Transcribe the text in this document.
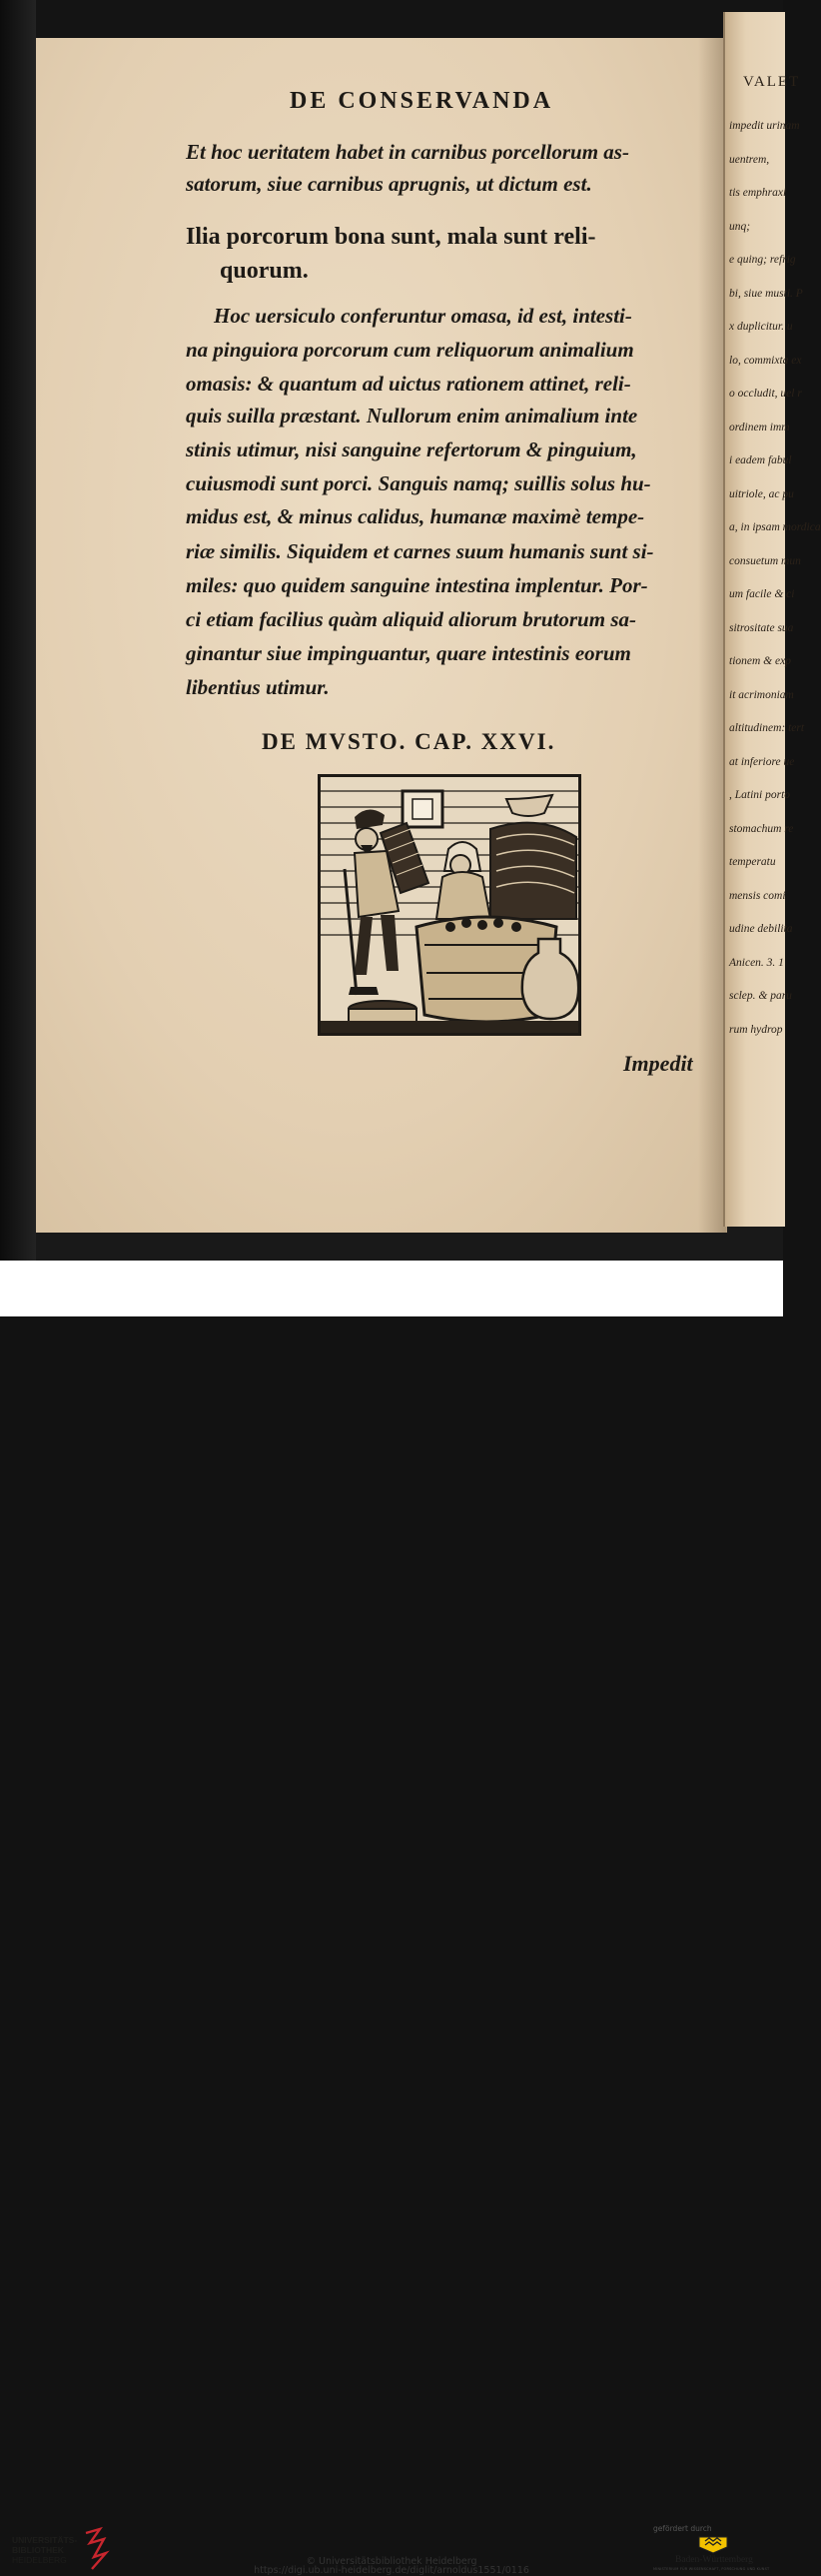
VALET
impedit urinam
uentrem,
tis emphraxi
unq;
e quing; refrig
bi, siue musti. P
x duplicitur. u
lo, commixta ex
o occludit, uel r
ordinem imm
i eadem fabul
uitriole, ac pu
a, in ipsam mordica
consuetum mun
um facile & ci
sitrositate sua
tionem & exp
it acrimoniam
altitudinem: tert
at inferiore ue
, Latini porto
stomachum re
temperatu
mensis comi
udine debilita
Anicen. 3. 1
sclep. & paru
rum hydrop
DE CONSERVANDA
Et hoc ueritatem habet in carnibus porcellorum as-
satorum, siue carnibus aprugnis, ut dictum est.
Ilia porcorum bona sunt, mala sunt reli-
quorum.
Hoc uersiculo conferuntur omasa, id est, intesti-
na pinguiora porcorum cum reliquorum animalium
omasis: & quantum ad uictus rationem attinet, reli-
quis suilla præstant. Nullorum enim animalium inte
stinis utimur, nisi sanguine refertorum & pinguium,
cuiusmodi sunt porci. Sanguis namq; suillis solus hu-
midus est, & minus calidus, humanæ maximè tempe-
riæ similis. Siquidem et carnes suum humanis sunt si-
miles: quo quidem sanguine intestina implentur. Por-
ci etiam facilius quàm aliquid aliorum brutorum sa-
ginantur siue impinguantur, quare intestinis eorum
libentius utimur.
DE MVSTO. CAP. XXVI.
Impedit
UNIVERSITÄTS-
BIBLIOTHEK
HEIDELBERG	© Universitätsbibliothek Heidelberg
https://digi.ub.uni-heidelberg.de/diglit/arnoldus1551/0116
gefördert durch
Baden-Württemberg
MINISTERIUM FÜR WISSENSCHAFT, FORSCHUNG UND KUNST
